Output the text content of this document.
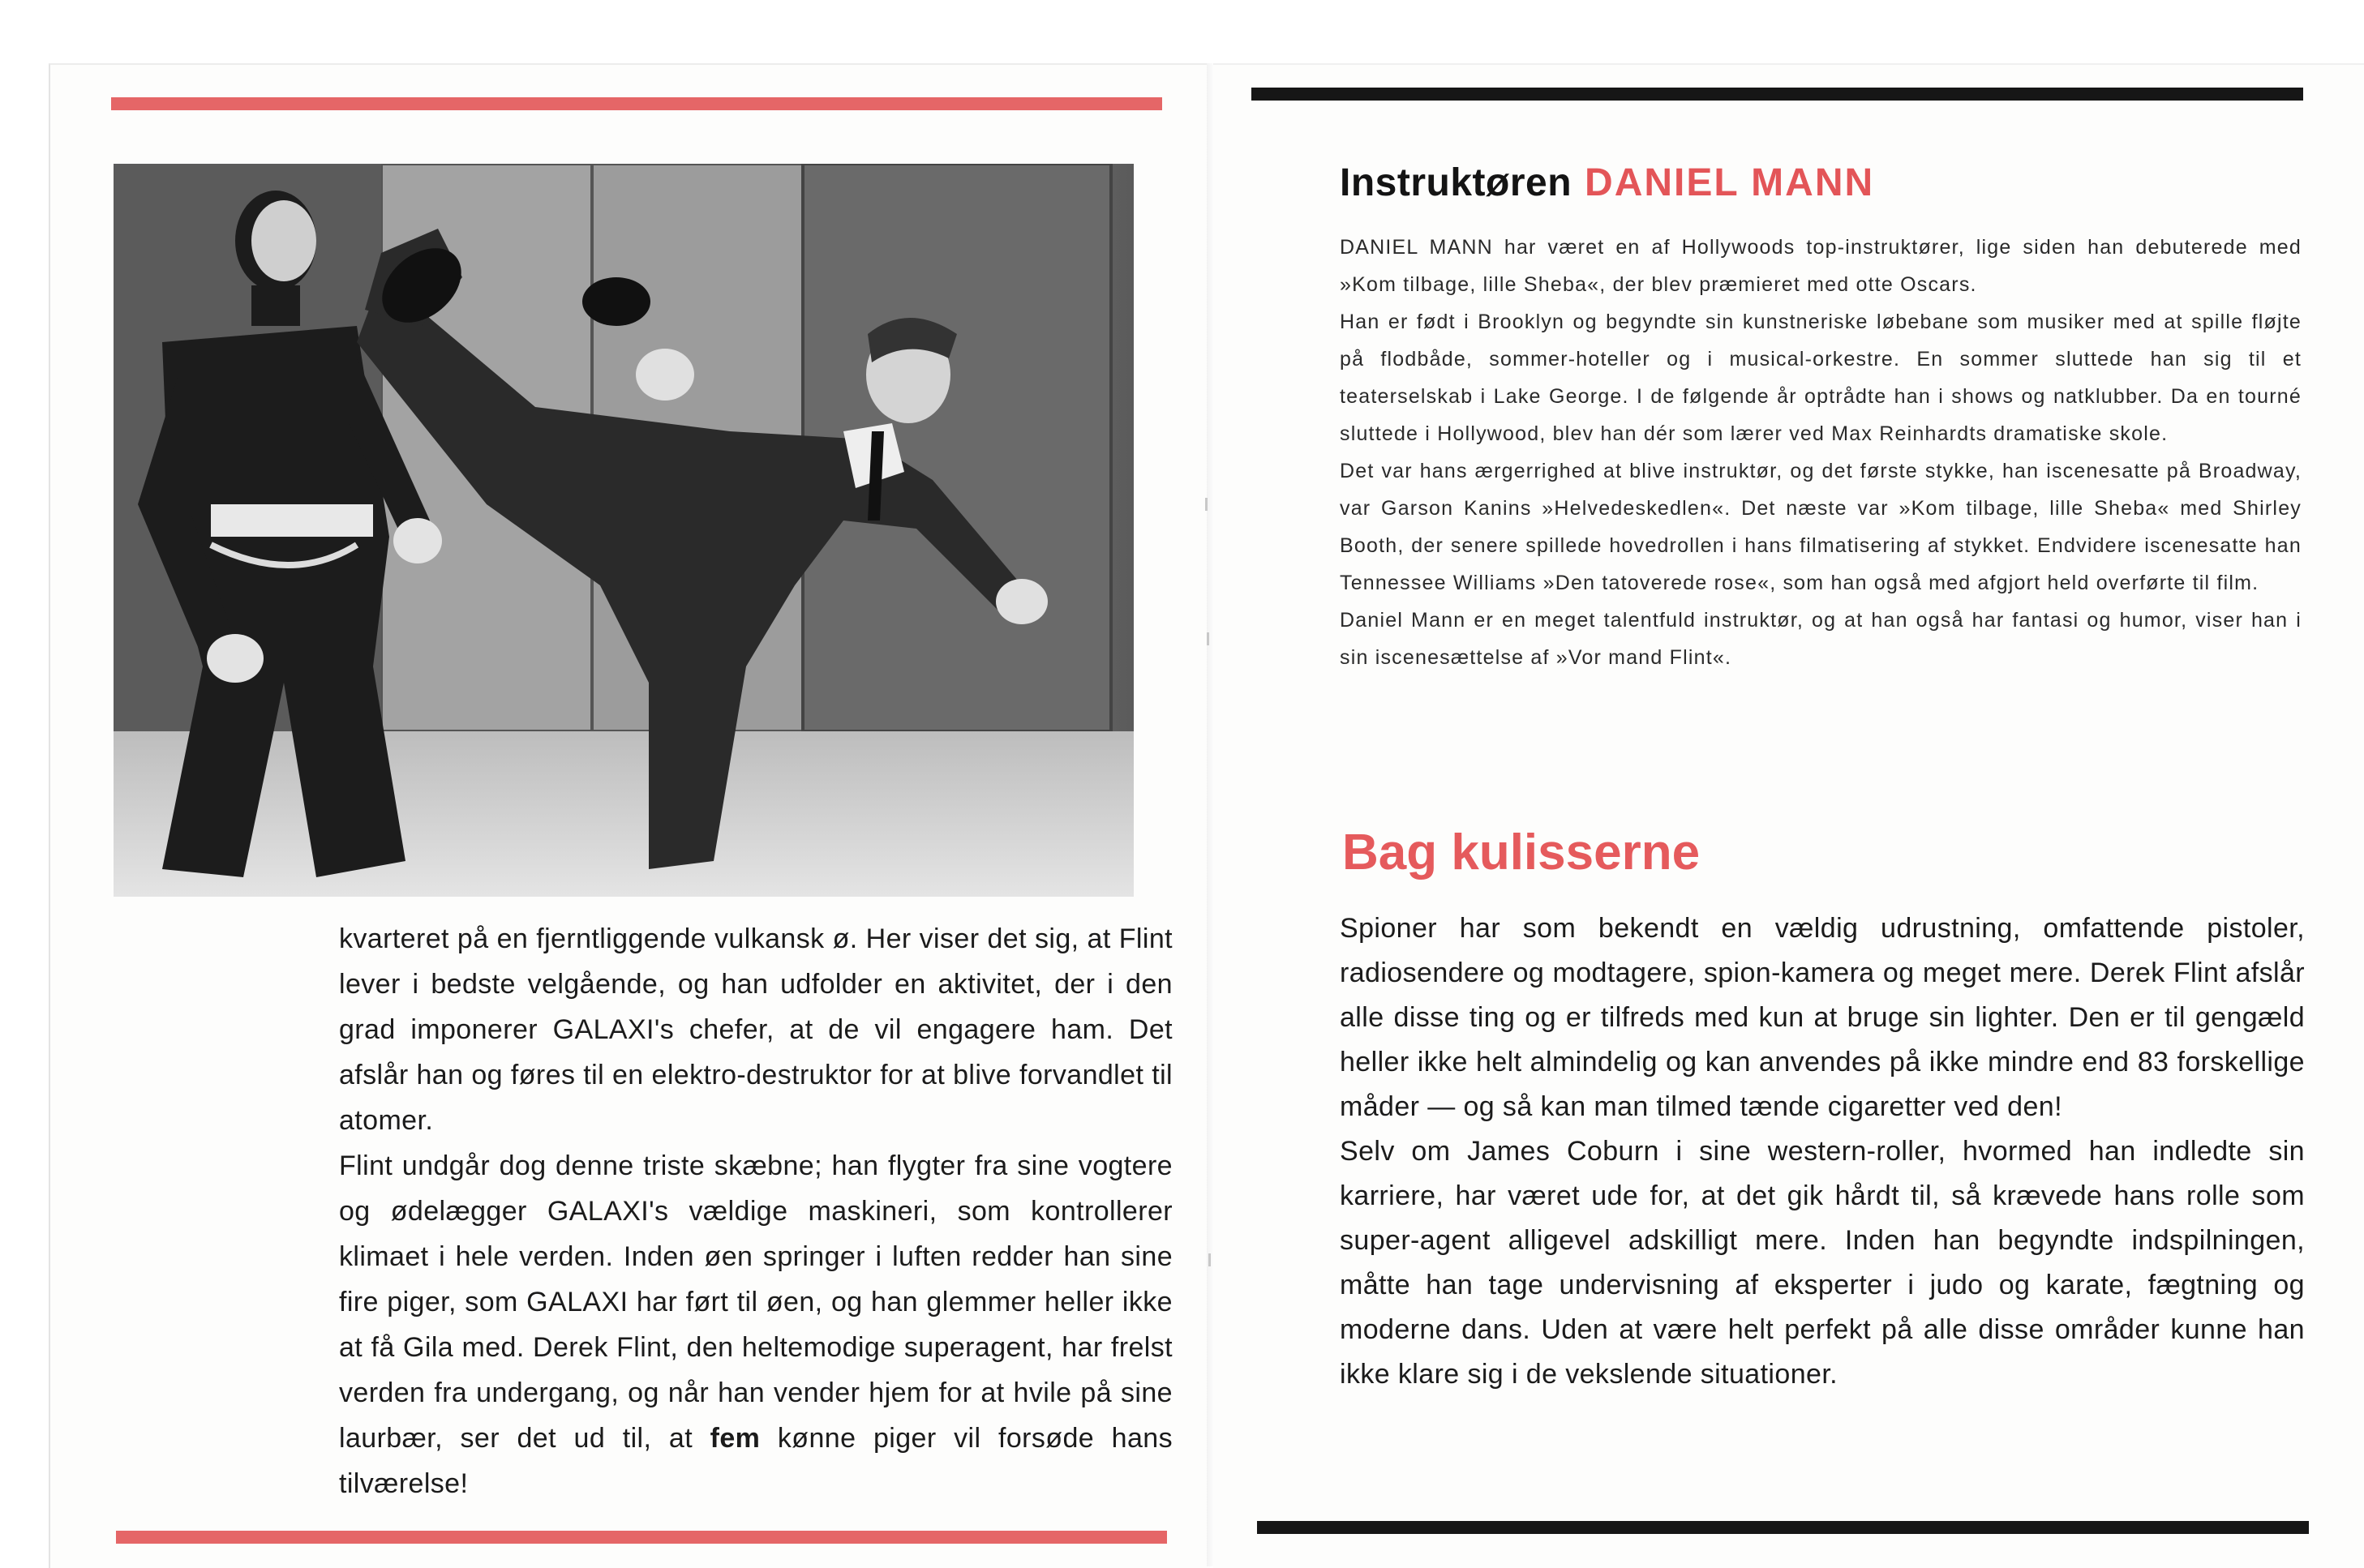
kvarteret på en fjerntliggende vulkansk ø. Her viser det sig, at Flint lever i bedste velgående, og han udfolder en aktivitet, der i den grad imponerer GALAXI's chefer, at de vil engagere ham. Det afslår han og føres til en elektro-destruktor for at blive forvandlet til atomer.

Flint undgår dog denne triste skæbne; han flygter fra sine vogtere og ødelægger GALAXI's vældige maskineri, som kontrollerer klimaet i hele verden. Inden øen springer i luften redder han sine fire piger, som GALAXI har ført til øen, og han glemmer heller ikke at få Gila med. Derek Flint, den heltemodige superagent, har frelst verden fra undergang, og når han vender hjem for at hvile på sine laurbær, ser det ud til, at fem kønne piger vil forsøde hans tilværelse!

Instruktøren DANIEL MANN

DANIEL MANN har været en af Hollywoods top-instruktører, lige siden han debuterede med »Kom tilbage, lille Sheba«, der blev præmieret med otte Oscars.

Han er født i Brooklyn og begyndte sin kunstneriske løbebane som musiker med at spille fløjte på flodbåde, sommer-hoteller og i musical-orkestre. En sommer sluttede han sig til et teaterselskab i Lake George. I de følgende år optrådte han i shows og natklubber. Da en tourné sluttede i Hollywood, blev han dér som lærer ved Max Reinhardts dramatiske skole.

Det var hans ærgerrighed at blive instruktør, og det første stykke, han iscenesatte på Broadway, var Garson Kanins »Helvedeskedlen«. Det næste var »Kom tilbage, lille Sheba« med Shirley Booth, der senere spillede hovedrollen i hans filmatisering af stykket. Endvidere iscenesatte han Tennessee Williams »Den tatoverede rose«, som han også med afgjort held overførte til film.

Daniel Mann er en meget talentfuld instruktør, og at han også har fantasi og humor, viser han i sin iscenesættelse af »Vor mand Flint«.

Bag kulisserne

Spioner har som bekendt en vældig udrustning, omfattende pistoler, radiosendere og modtagere, spion-kamera og meget mere. Derek Flint afslår alle disse ting og er tilfreds med kun at bruge sin lighter. Den er til gengæld heller ikke helt almindelig og kan anvendes på ikke mindre end 83 forskellige måder — og så kan man tilmed tænde cigaretter ved den!

Selv om James Coburn i sine western-roller, hvormed han indledte sin karriere, har været ude for, at det gik hårdt til, så krævede hans rolle som super-agent alligevel adskilligt mere. Inden han begyndte indspilningen, måtte han tage undervisning af eksperter i judo og karate, fægtning og moderne dans. Uden at være helt perfekt på alle disse områder kunne han ikke klare sig i de vekslende situationer.
